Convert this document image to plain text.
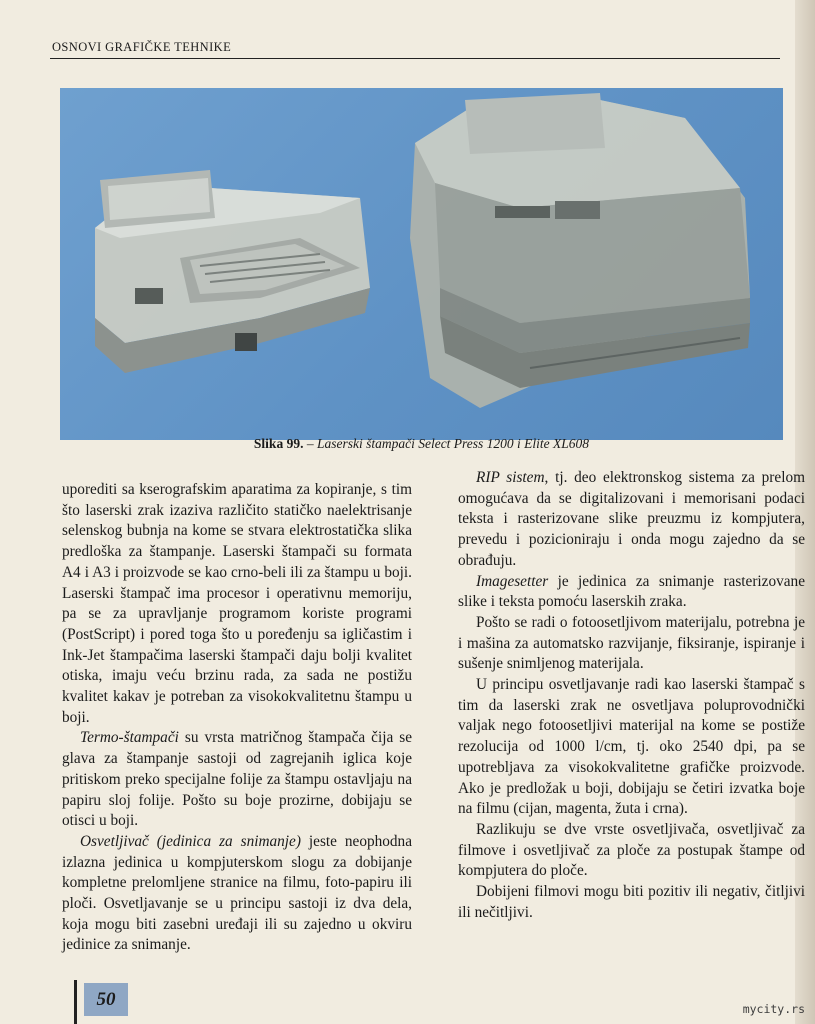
OSNOVI GRAFIČKE TEHNIKE
Slika 99. – Laserski štampači Select Press 1200 i Elite XL608

uporediti sa kserografskim aparatima za kopiranje, s tim što laserski zrak izaziva različito statičko naelektrisanje selenskog bubnja na kome se stvara elektrostatička slika predloška za štampanje. Laserski štampači su formata A4 i A3 i proizvode se kao crno-beli ili za štampu u boji. Laserski štampač ima procesor i operativnu memoriju, pa se za upravljanje programom koriste programi (PostScript) i pored toga što u poređenju sa igličastim i Ink-Jet štampačima laserski štampači daju bolji kvalitet otiska, imaju veću brzinu rada, za sada ne postižu kvalitet kakav je potreban za visokokvalitetnu štampu u boji.

Termo-štampači su vrsta matričnog štampača čija se glava za štampanje sastoji od zagrejanih iglica koje pritiskom preko specijalne folije za štampu ostavljaju na papiru sloj folije. Pošto su boje prozirne, dobijaju se otisci u boji.

Osvetljivač (jedinica za snimanje) jeste neophodna izlazna jedinica u kompjuterskom slogu za dobijanje kompletne prelomljene stranice na filmu, foto-papiru ili ploči. Osvetljavanje se u principu sastoji iz dva dela, koja mogu biti zasebni uređaji ili su zajedno u okviru jedinice za snimanje.

RIP sistem, tj. deo elektronskog sistema za prelom omogućava da se digitalizovani i memorisani podaci teksta i rasterizovane slike preuzmu iz kompjutera, prevedu i pozicioniraju i onda mogu zajedno da se obrađuju.

Imagesetter je jedinica za snimanje rasterizovane slike i teksta pomoću laserskih zraka.

Pošto se radi o fotoosetljivom materijalu, potrebna je i mašina za automatsko razvijanje, fiksiranje, ispiranje i sušenje snimljenog materijala.

U principu osvetljavanje radi kao laserski štampač s tim da laserski zrak ne osvetljava poluprovodnički valjak nego fotoosetljivi materijal na kome se postiže rezolucija od 1000 l/cm, tj. oko 2540 dpi, pa se upotrebljava za visokokvalitetne grafičke proizvode. Ako je predložak u boji, dobijaju se četiri izvatka boje na filmu (cijan, magenta, žuta i crna).

Razlikuju se dve vrste osvetljivača, osvetljivač za filmove i osvetljivač za ploče za postupak štampe od kompjutera do ploče.

Dobijeni filmovi mogu biti pozitiv ili negativ, čitljivi ili nečitljivi.

50	mycity.rs
